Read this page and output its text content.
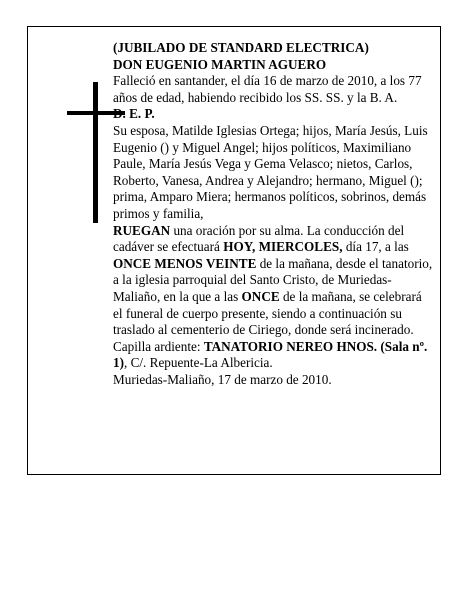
(JUBILADO DE STANDARD ELECTRICA)

DON EUGENIO MARTIN AGUERO

Falleció en santander, el día 16 de marzo de 2010, a los 77 años de edad, habiendo recibido los SS. SS. y la B. A.

D. E. P.

Su esposa, Matilde Iglesias Ortega; hijos, María Jesús, Luis Eugenio () y Miguel Angel; hijos políticos, Maximiliano Paule, María Jesús Vega y Gema Velasco; nietos, Carlos, Roberto, Vanesa, Andrea y Alejandro; hermano, Miguel (); prima, Amparo Miera; hermanos políticos, sobrinos, demás primos y familia,

RUEGAN una oración por su alma. La conducción del cadáver se efectuará HOY, MIERCOLES, día 17, a las ONCE MENOS VEINTE de la mañana, desde el tanatorio, a la iglesia parroquial del Santo Cristo, de Muriedas-Maliaño, en la que a las ONCE de la mañana, se celebrará el funeral de cuerpo presente, siendo a continuación su traslado al cementerio de Ciriego, donde será incinerado. Capilla ardiente: TANATORIO NEREO HNOS. (Sala nº. 1), C/. Repuente-La Albericia.

Muriedas-Maliaño, 17 de marzo de 2010.
